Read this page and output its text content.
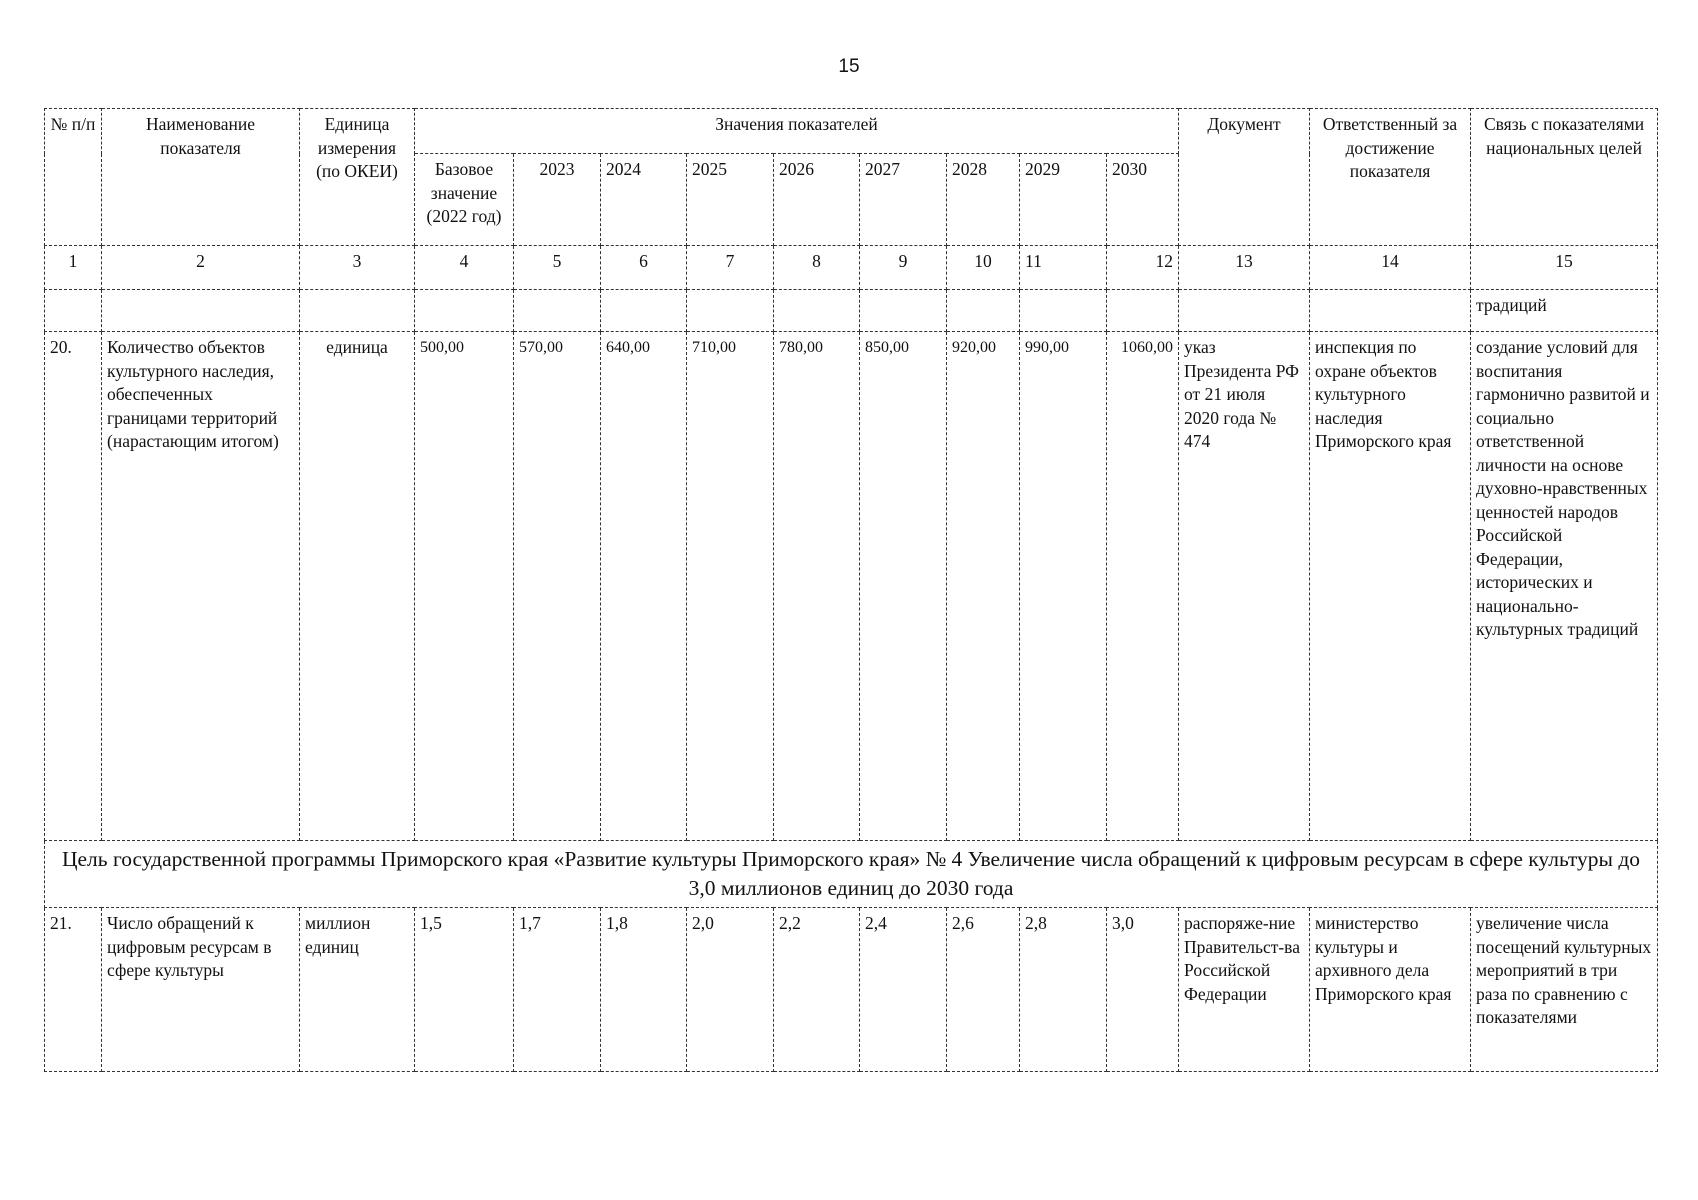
15
№ п/п	Наименование показателя	Единица измерения (по ОКЕИ)	Значения показателей									Документ	Ответственный за достижение показателя	Связь с показателями национальных целей
			Базовое значение (2022 год)	2023	2024	2025	2026	2027	2028	2029	2030			
1	2	3	4	5	6	7	8	9	10	11	12	13	14	15
														традиций
20.	Количество объектов культурного наследия, обеспеченных границами территорий (нарастающим итогом)	единица	500,00	570,00	640,00	710,00	780,00	850,00	920,00	990,00	1060,00	указ Президента РФ от 21 июля 2020 года № 474	инспекция по охране объектов культурного наследия Приморского края	создание условий для воспитания гармонично развитой и социально ответственной личности на основе духовно-нравственных ценностей народов Российской Федерации, исторических и национально-культурных традиций
Цель государственной программы Приморского края «Развитие культуры Приморского края» № 4 Увеличение числа обращений к цифровым ресурсам в сфере культуры до 3,0 миллионов единиц до 2030 года														
21.	Число обращений к цифровым ресурсам в сфере культуры	миллион единиц	1,5	1,7	1,8	2,0	2,2	2,4	2,6	2,8	3,0	распоряже-ние Правительст-ва Российской Федерации	министерство культуры и архивного дела Приморского края	увеличение числа посещений культурных мероприятий в три раза по сравнению с показателями
